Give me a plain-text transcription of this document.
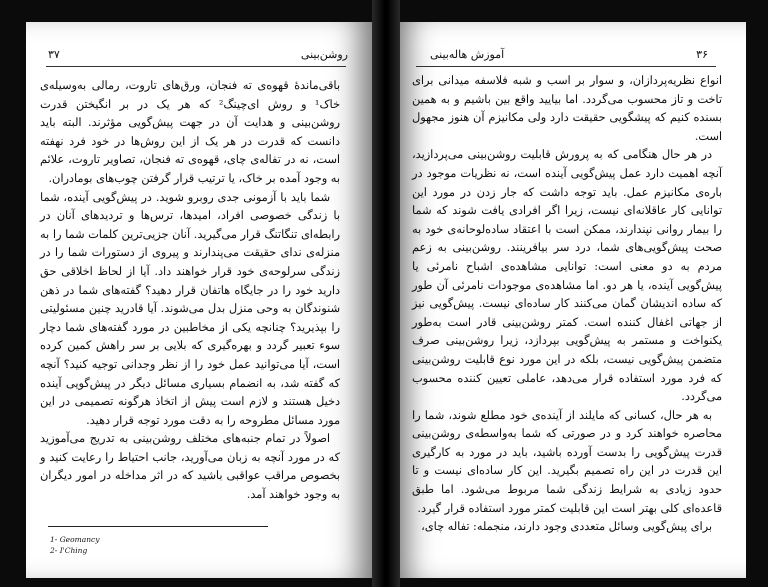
۳۷	روشن‌بینی

باقی‌ماندهٔ قهوه‌ی ته فنجان، ورق‌های تاروت، رمالی به‌وسیله‌ی خاک¹ و روش ای‌چینگ² که هر یک در بر انگیختن قدرت روشن‌بینی و هدایت آن در جهت پیش‌گویی مؤثرند. البته باید دانست که قدرت در هر یک از این روش‌ها در خود فرد نهفته است، نه در تفاله‌ی چای، قهوه‌ی ته فنجان، تصاویر تاروت، علائم به وجود آمده بر خاک، یا ترتیب قرار گرفتن چوب‌های بومادران.

شما باید با آزمونی جدی روبرو شوید. در پیش‌گویی آینده، شما با زندگی خصوصی افراد، امیدها، ترس‌ها و تردیدهای آنان در رابطه‌ای تنگاتنگ قرار می‌گیرید. آنان جزیی‌ترین کلمات شما را به منزله‌ی ندای حقیقت می‌پندارند و پیروی از دستورات شما را در زندگی سرلوحه‌ی خود قرار خواهند داد. آیا از لحاظ اخلاقی حق دارید خود را در جایگاه هاتفان قرار دهید؟ گفته‌های شما در ذهن شنوندگان به وحی منزل بدل می‌شوند. آیا قادرید چنین مسئولیتی را بپذیرید؟ چنانچه یکی از مخاطبین در مورد گفته‌های شما دچار سوء تعبیر گردد و بهره‌گیری که بلایی بر سر راهش کمین کرده است، آیا می‌توانید عمل خود را از نظر وجدانی توجیه کنید؟ آنچه که گفته شد، به انضمام بسیاری مسائل دیگر در پیش‌گویی آینده دخیل هستند و لازم است پیش از اتخاذ هرگونه تصمیمی در این مورد مسائل مطروحه را به دقت مورد توجه قرار دهید.

اصولاً در تمام جنبه‌های مختلف روشن‌بینی به تدریج می‌آموزید که در مورد آنچه به زبان می‌آورید، جانب احتیاط را رعایت کنید و بخصوص مراقب عواقبی باشید که در اثر مداخله در امور دیگران به وجود خواهند آمد.

1- Geomancy
2- I'Ching
۳۶
آموزش هاله‌بینی

انواع نظریه‌پردازان، و سوار بر اسب و شبه فلاسفه میدانی برای تاخت و تاز محسوب می‌گردد. اما بیایید واقع بین باشیم و به همین بسنده کنیم که پیشگویی حقیقت دارد ولی مکانیزم آن هنوز مجهول است.

در هر حال هنگامی که به پرورش قابلیت روشن‌بینی می‌پردازید، آنچه اهمیت دارد عمل پیش‌گویی آینده است، نه نظریات موجود در باره‌ی مکانیزم عمل. باید توجه داشت که جار زدن در مورد این توانایی کار عاقلانه‌ای نیست، زیرا اگر افرادی یافت شوند که شما را بیمار روانی نپندارند، ممکن است با اعتقاد ساده‌لوحانه‌ی خود به صحت پیش‌گویی‌های شما، درد سر بیافرینند. روشن‌بینی به زعم مردم به دو معنی است: توانایی مشاهده‌ی اشباح نامرئی یا پیش‌گویی آینده، یا هر دو. اما مشاهده‌ی موجودات نامرئی آن طور که ساده اندیشان گمان می‌کنند کار ساده‌ای نیست. پیش‌گویی نیز از جهاتی اغفال کننده است. کمتر روشن‌بینی قادر است به‌طور یکنواخت و مستمر به پیش‌گویی بپردازد، زیرا روشن‌بینی صرف متضمن پیش‌گویی نیست، بلکه در این مورد نوع قابلیت روشن‌بینی که فرد مورد استفاده قرار می‌دهد، عاملی تعیین کننده محسوب می‌گردد.

به هر حال، کسانی که مایلند از آینده‌ی خود مطلع شوند، شما را محاصره خواهند کرد و در صورتی که شما به‌واسطه‌ی روشن‌بینی قدرت پیش‌گویی را بدست آورده باشید، باید در مورد به کارگیری این قدرت در این راه تصمیم بگیرید. این کار ساده‌ای نیست و تا حدود زیادی به شرایط زندگی شما مربوط می‌شود. اما طبق قاعده‌ای کلی بهتر است این قابلیت کمتر مورد استفاده قرار گیرد.

برای پیش‌گویی وسائل متعددی وجود دارند، منجمله: تفاله چای،
